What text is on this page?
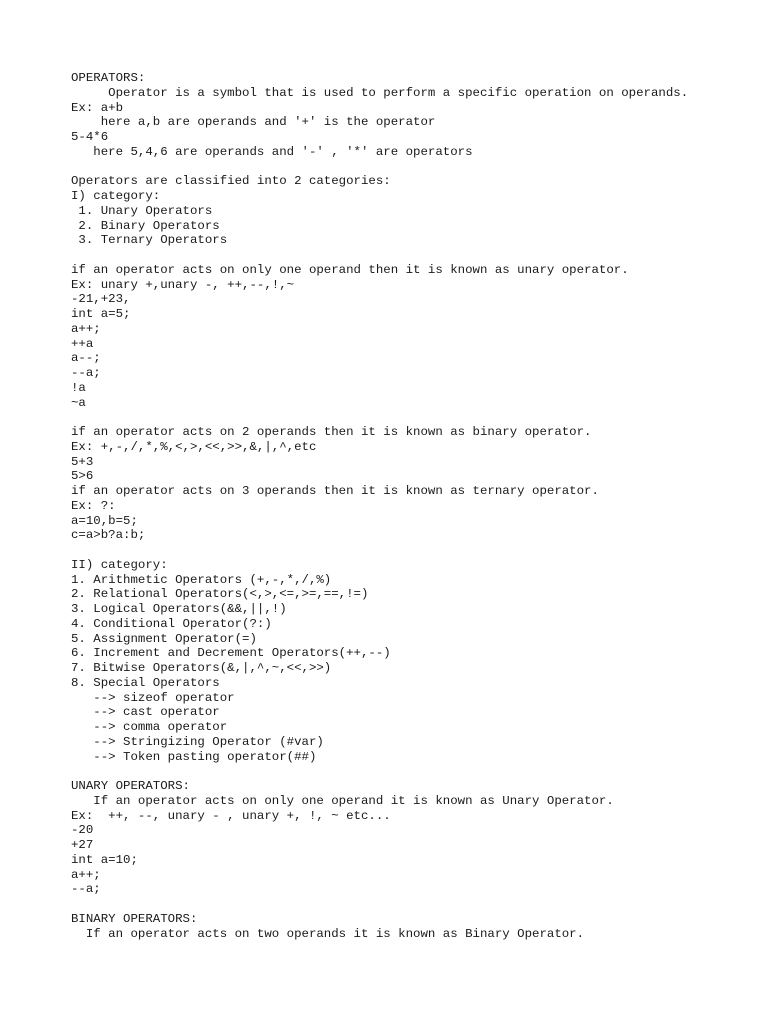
OPERATORS:
Operator is a symbol that is used to perform a specific operation on operands.
Ex: a+b
here a,b are operands and '+' is the operator
5-4*6
here 5,4,6 are operands and '-' , '*' are operators
Operators are classified into 2 categories:
I) category:
1. Unary Operators
2. Binary Operators
3. Ternary Operators
if an operator acts on only one operand then it is known as unary operator.
Ex: unary +,unary -, ++,--,!,~
-21,+23,
int a=5;
a++;
++a
a--;
--a;
!a
~a
if an operator acts on 2 operands then it is known as binary operator.
Ex: +,-,/,*,%,<,>,<<,>>,&,|,^,etc
5+3
5>6
if an operator acts on 3 operands then it is known as ternary operator.
Ex: ?:
a=10,b=5;
c=a>b?a:b;
II) category:
1. Arithmetic Operators (+,-,*,/,%)
2. Relational Operators(<,>,<=,>=,==,!=)
3. Logical Operators(&&,||,!)
4. Conditional Operator(?:)
5. Assignment Operator(=)
6. Increment and Decrement Operators(++,--)
7. Bitwise Operators(&,|,^,~,<<,>>)
8. Special Operators
--> sizeof operator
--> cast operator
--> comma operator
--> Stringizing Operator (#var)
--> Token pasting operator(##)
UNARY OPERATORS:
If an operator acts on only one operand it is known as Unary Operator.
Ex:  ++, --, unary - , unary +, !, ~ etc...
-20
+27
int a=10;
a++;
--a;
BINARY OPERATORS:
If an operator acts on two operands it is known as Binary Operator.
